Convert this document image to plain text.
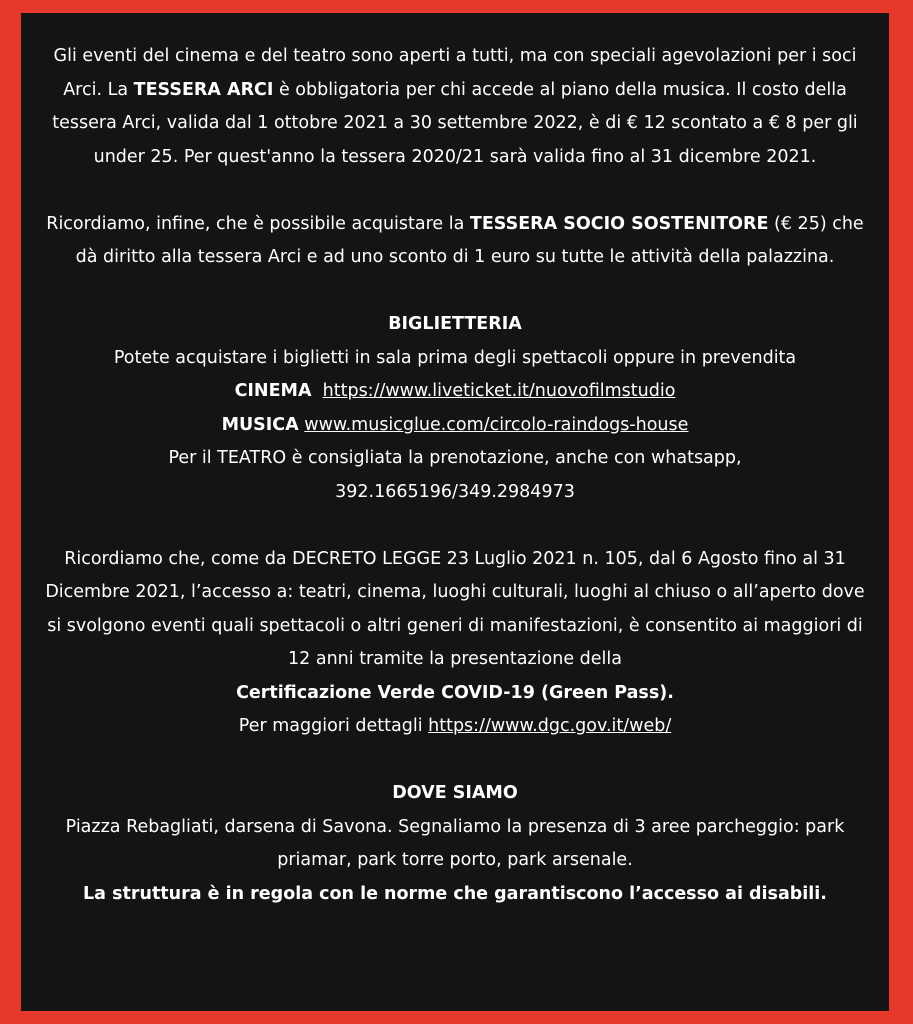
Gli eventi del cinema e del teatro sono aperti a tutti, ma con speciali agevolazioni per i soci Arci. La TESSERA ARCI è obbligatoria per chi accede al piano della musica. Il costo della tessera Arci, valida dal 1 ottobre 2021 a 30 settembre 2022, è di € 12 scontato a € 8 per gli under 25. Per quest'anno la tessera 2020/21 sarà valida fino al 31 dicembre 2021.

Ricordiamo, infine, che è possibile acquistare la TESSERA SOCIO SOSTENITORE (€ 25) che dà diritto alla tessera Arci e ad uno sconto di 1 euro su tutte le attività della palazzina.

BIGLIETTERIA

Potete acquistare i biglietti in sala prima degli spettacoli oppure in prevendita

CINEMA https://www.liveticket.it/nuovofilmstudio

MUSICA www.musicglue.com/circolo-raindogs-house

Per il TEATRO è consigliata la prenotazione, anche con whatsapp,

392.1665196/349.2984973

Ricordiamo che, come da DECRETO LEGGE 23 Luglio 2021 n. 105, dal 6 Agosto fino al 31 Dicembre 2021, l’accesso a: teatri, cinema, luoghi culturali, luoghi al chiuso o all’aperto dove si svolgono eventi quali spettacoli o altri generi di manifestazioni, è consentito ai maggiori di 12 anni tramite la presentazione della

Certificazione Verde COVID-19 (Green Pass).

Per maggiori dettagli https://www.dgc.gov.it/web/

DOVE SIAMO

Piazza Rebagliati, darsena di Savona. Segnaliamo la presenza di 3 aree parcheggio: park priamar, park torre porto, park arsenale.

La struttura è in regola con le norme che garantiscono l’accesso ai disabili.
